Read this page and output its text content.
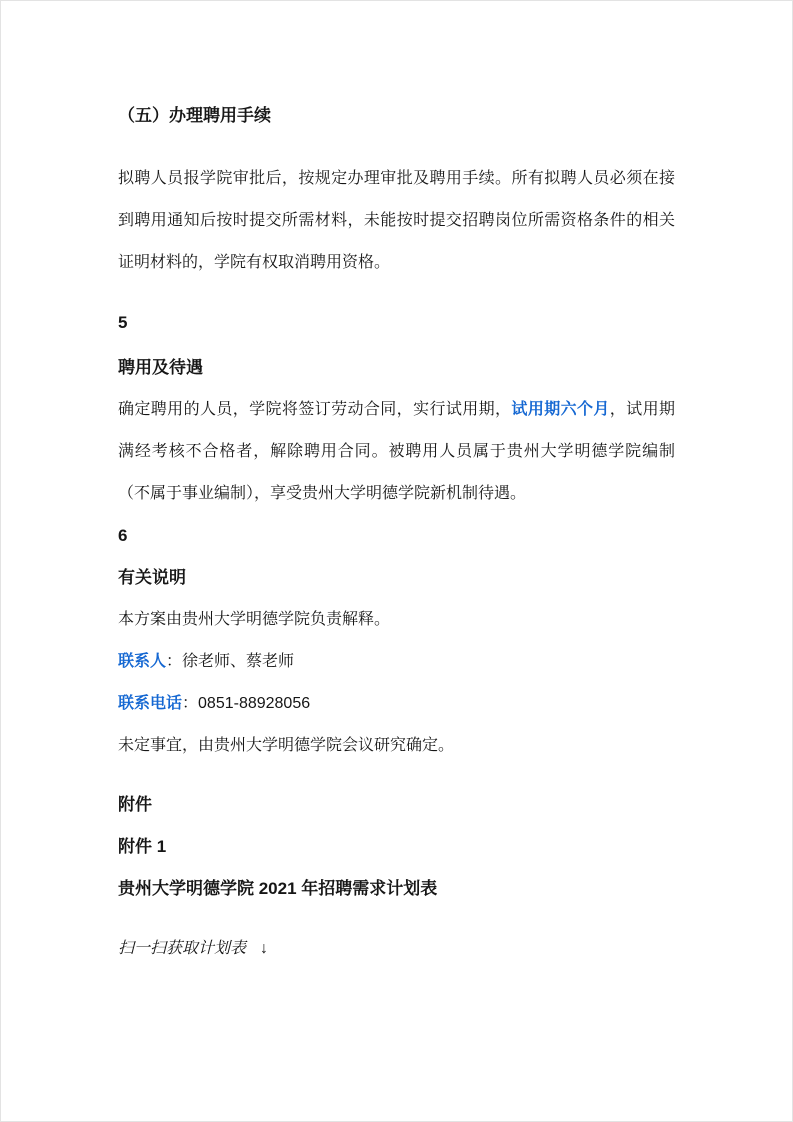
（五）办理聘用手续

拟聘人员报学院审批后，按规定办理审批及聘用手续。所有拟聘人员必须在接到聘用通知后按时提交所需材料，未能按时提交招聘岗位所需资格条件的相关证明材料的，学院有权取消聘用资格。

5

聘用及待遇

确定聘用的人员，学院将签订劳动合同，实行试用期，试用期六个月，试用期满经考核不合格者，解除聘用合同。被聘用人员属于贵州大学明德学院编制（不属于事业编制），享受贵州大学明德学院新机制待遇。

6

有关说明

本方案由贵州大学明德学院负责解释。

联系人：徐老师、蔡老师

联系电话：0851-88928056

未定事宜，由贵州大学明德学院会议研究确定。

附件

附件 1

贵州大学明德学院 2021 年招聘需求计划表

扫一扫获取计划表 ↓
